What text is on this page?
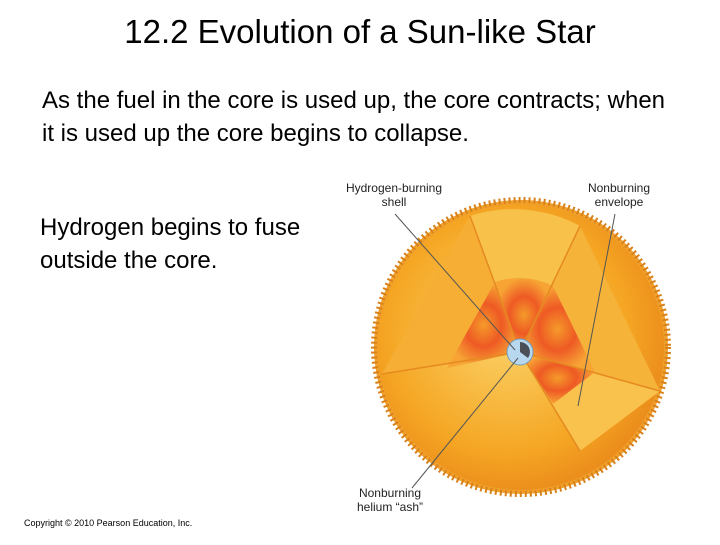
12.2 Evolution of a Sun-like Star
As the fuel in the core is used up, the core contracts; when it is used up the core begins to collapse.
Hydrogen begins to fuse outside the core.
Copyright © 2010 Pearson Education, Inc.
Hydrogen-burning
shell
Nonburning
envelope
Nonburning
helium “ash”
